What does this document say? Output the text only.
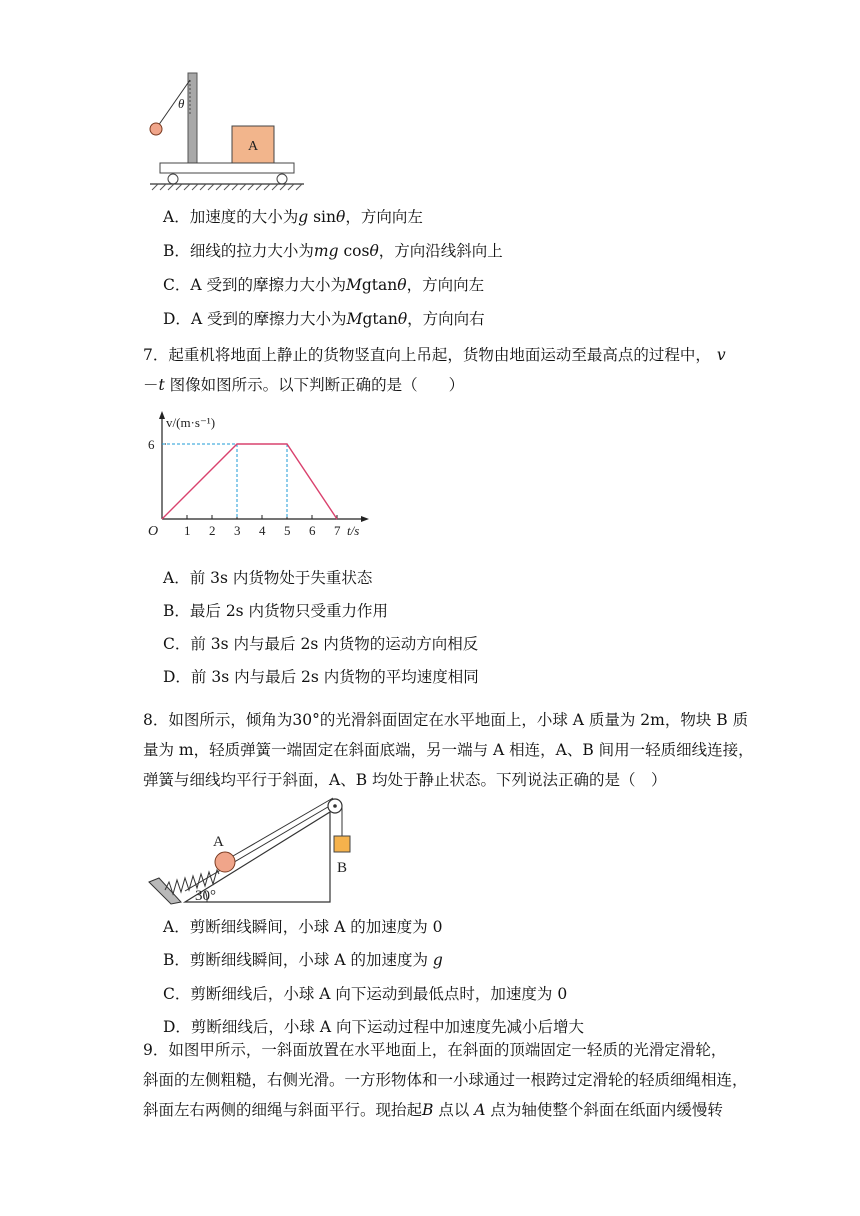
θ
A
A．加速度的大小为g sinθ，方向向左
B．细线的拉力大小为mg cosθ，方向沿线斜向上
C．A 受到的摩擦力大小为Mgtanθ，方向向左
D．A 受到的摩擦力大小为Mgtanθ，方向向右
7．起重机将地面上静止的货物竖直向上吊起，货物由地面运动至最高点的过程中， v
－t 图像如图所示。以下判断正确的是（　　）
v/(m·s⁻¹)
t/s
O 1 2 3 4 5 6 7
6
A．前 3s 内货物处于失重状态
B．最后 2s 内货物只受重力作用
C．前 3s 内与最后 2s 内货物的运动方向相反
D．前 3s 内与最后 2s 内货物的平均速度相同
8．如图所示，倾角为30°的光滑斜面固定在水平地面上，小球 A 质量为 2m，物块 B 质
量为 m，轻质弹簧一端固定在斜面底端，另一端与 A 相连，A、B 间用一轻质细线连接，
弹簧与细线均平行于斜面，A、B 均处于静止状态。下列说法正确的是（　）
A
B
30°
A．剪断细线瞬间，小球 A 的加速度为 0
B．剪断细线瞬间，小球 A 的加速度为 g
C．剪断细线后，小球 A 向下运动到最低点时，加速度为 0
D．剪断细线后，小球 A 向下运动过程中加速度先减小后增大
9．如图甲所示，一斜面放置在水平地面上，在斜面的顶端固定一轻质的光滑定滑轮，
斜面的左侧粗糙，右侧光滑。一方形物体和一小球通过一根跨过定滑轮的轻质细绳相连，
斜面左右两侧的细绳与斜面平行。现抬起B 点以 A 点为轴使整个斜面在纸面内缓慢转
